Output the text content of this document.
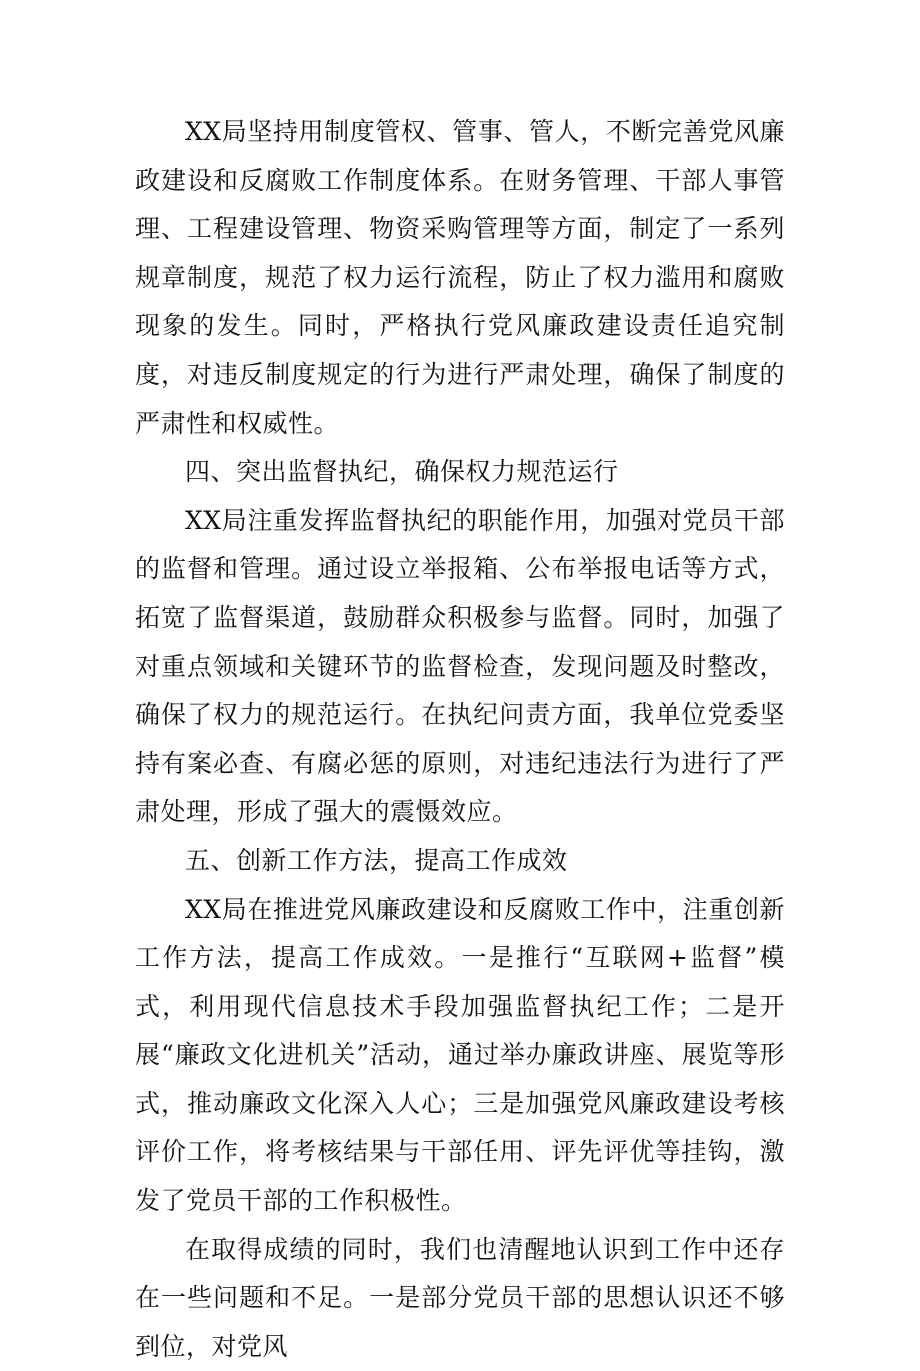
XX局坚持用制度管权、管事、管人，不断完善党风廉政建设和反腐败工作制度体系。在财务管理、干部人事管理、工程建设管理、物资采购管理等方面，制定了一系列规章制度，规范了权力运行流程，防止了权力滥用和腐败现象的发生。同时，严格执行党风廉政建设责任追究制度，对违反制度规定的行为进行严肃处理，确保了制度的严肃性和权威性。

四、突出监督执纪，确保权力规范运行

XX局注重发挥监督执纪的职能作用，加强对党员干部的监督和管理。通过设立举报箱、公布举报电话等方式，拓宽了监督渠道，鼓励群众积极参与监督。同时，加强了对重点领域和关键环节的监督检查，发现问题及时整改，确保了权力的规范运行。在执纪问责方面，我单位党委坚持有案必查、有腐必惩的原则，对违纪违法行为进行了严肃处理，形成了强大的震慑效应。

五、创新工作方法，提高工作成效

XX局在推进党风廉政建设和反腐败工作中，注重创新工作方法，提高工作成效。一是推行“互联网+监督”模式，利用现代信息技术手段加强监督执纪工作；二是开展“廉政文化进机关”活动，通过举办廉政讲座、展览等形式，推动廉政文化深入人心；三是加强党风廉政建设考核评价工作，将考核结果与干部任用、评先评优等挂钩，激发了党员干部的工作积极性。

在取得成绩的同时，我们也清醒地认识到工作中还存在一些问题和不足。一是部分党员干部的思想认识还不够到位，对党风
